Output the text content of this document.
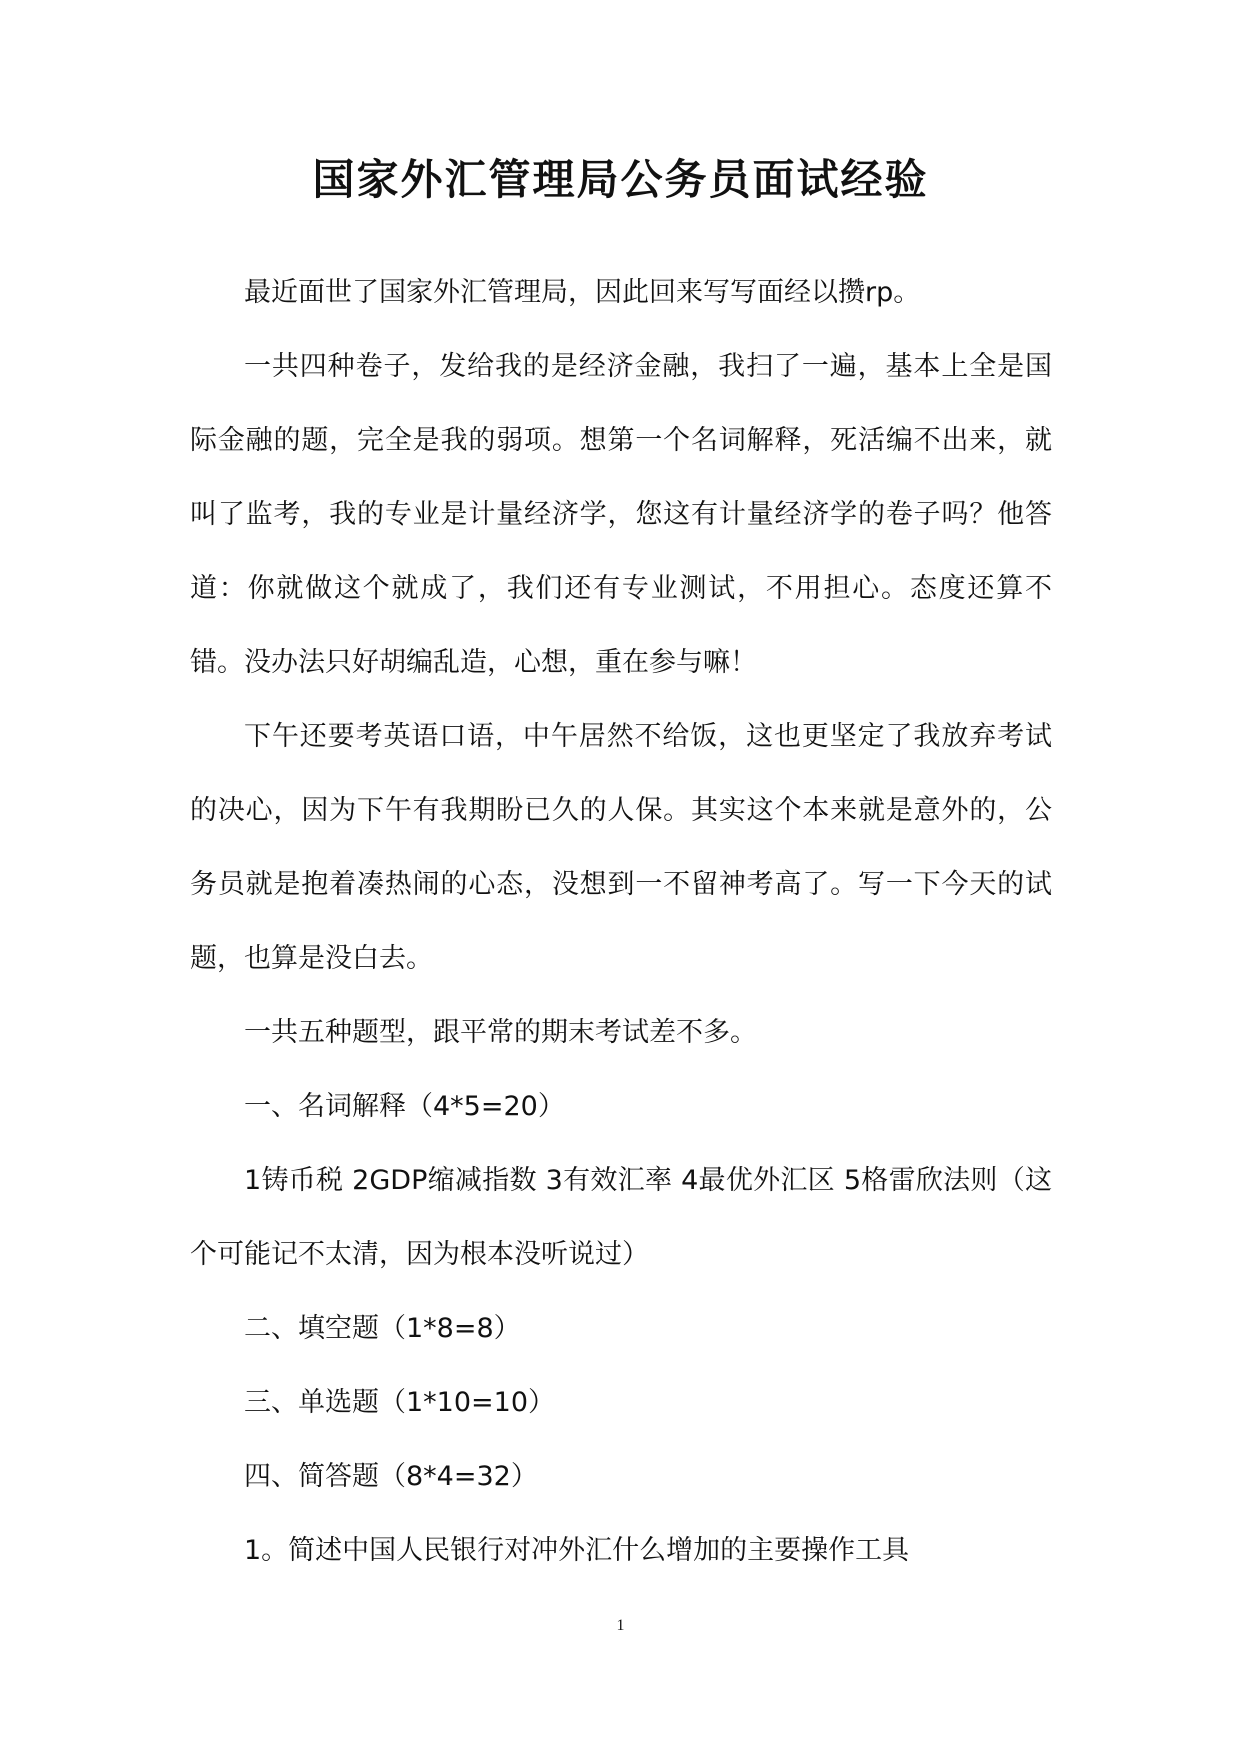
国家外汇管理局公务员面试经验

最近面世了国家外汇管理局，因此回来写写面经以攒rp。

一共四种卷子，发给我的是经济金融，我扫了一遍，基本上全是国际金融的题，完全是我的弱项。想第一个名词解释，死活编不出来，就叫了监考，我的专业是计量经济学，您这有计量经济学的卷子吗？他答道：你就做这个就成了，我们还有专业测试，不用担心。态度还算不错。没办法只好胡编乱造，心想，重在参与嘛！

下午还要考英语口语，中午居然不给饭，这也更坚定了我放弃考试的决心，因为下午有我期盼已久的人保。其实这个本来就是意外的，公务员就是抱着凑热闹的心态，没想到一不留神考高了。写一下今天的试题，也算是没白去。

一共五种题型，跟平常的期末考试差不多。

一、名词解释（4*5=20）

1铸币税 2GDP缩减指数 3有效汇率 4最优外汇区 5格雷欣法则（这个可能记不太清，因为根本没听说过）

二、填空题（1*8=8）

三、单选题（1*10=10）

四、简答题（8*4=32）

1。简述中国人民银行对冲外汇什么增加的主要操作工具

1
